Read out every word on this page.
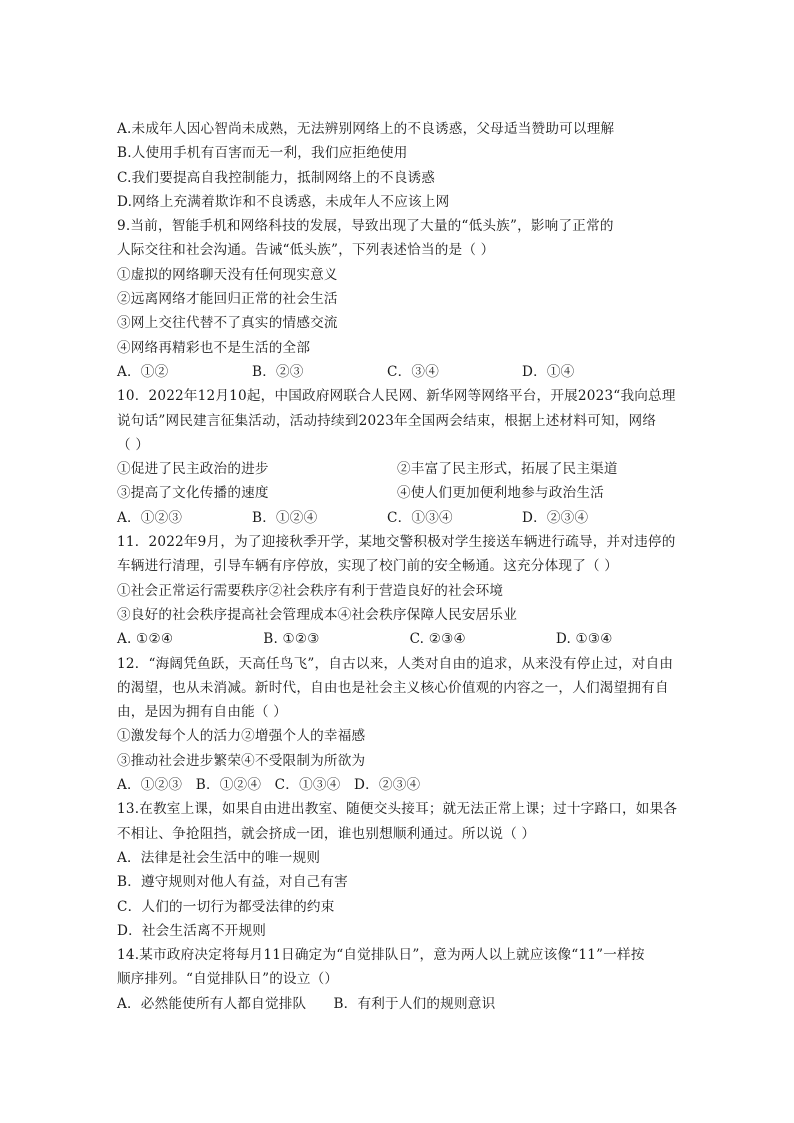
A.未成年人因心智尚未成熟，无法辨别网络上的不良诱惑，父母适当赞助可以理解
B.人使用手机有百害而无一利，我们应拒绝使用
C.我们要提高自我控制能力，抵制网络上的不良诱惑
D.网络上充满着欺诈和不良诱惑，未成年人不应该上网
9.当前，智能手机和网络科技的发展，导致出现了大量的“低头族”，影响了正常的
人际交往和社会沟通。告诫“低头族”，下列表述恰当的是（ ）
①虚拟的网络聊天没有任何现实意义
②远离网络才能回归正常的社会生活
③网上交往代替不了真实的情感交流
④网络再精彩也不是生活的全部
A．①②	B．②③	C．③④	D．①④
10．2022年12月10起，中国政府网联合人民网、新华网等网络平台，开展2023“我向总理
说句话”网民建言征集活动，活动持续到2023年全国两会结束，根据上述材料可知，网络
（ ）
①促进了民主政治的进步	②丰富了民主形式，拓展了民主渠道
③提高了文化传播的速度	④使人们更加便利地参与政治生活
A．①②③	B．①②④	C．①③④	D．②③④
11．2022年9月，为了迎接秋季开学，某地交警积极对学生接送车辆进行疏导，并对违停的
车辆进行清理，引导车辆有序停放，实现了校门前的安全畅通。这充分体现了（ ）
①社会正常运行需要秩序②社会秩序有利于营造良好的社会环境
③良好的社会秩序提高社会管理成本④社会秩序保障人民安居乐业
A. ①②④	B. ①②③	C. ②③④	D. ①③④
12．“海阔凭鱼跃，天高任鸟飞”，自古以来，人类对自由的追求，从来没有停止过，对自由
的渴望，也从未消减。新时代，自由也是社会主义核心价值观的内容之一，人们渴望拥有自
由，是因为拥有自由能（ ）
①激发每个人的活力②增强个人的幸福感
③推动社会进步繁荣④不受限制为所欲为
A．①②③   B．①②④   C．①③④   D．②③④
13.在教室上课，如果自由进出教室、随便交头接耳；就无法正常上课；过十字路口，如果各
不相让、争抢阻挡，就会挤成一团，谁也别想顺利通过。所以说（ ）
A．法律是社会生活中的唯一规则
B．遵守规则对他人有益，对自己有害
C．人们的一切行为都受法律的约束
D．社会生活离不开规则
14.某市政府决定将每月11日确定为“自觉排队日”，意为两人以上就应该像“11”一样按
顺序排列。“自觉排队日”的设立（）
A．必然能使所有人都自觉排队      B．有利于人们的规则意识
